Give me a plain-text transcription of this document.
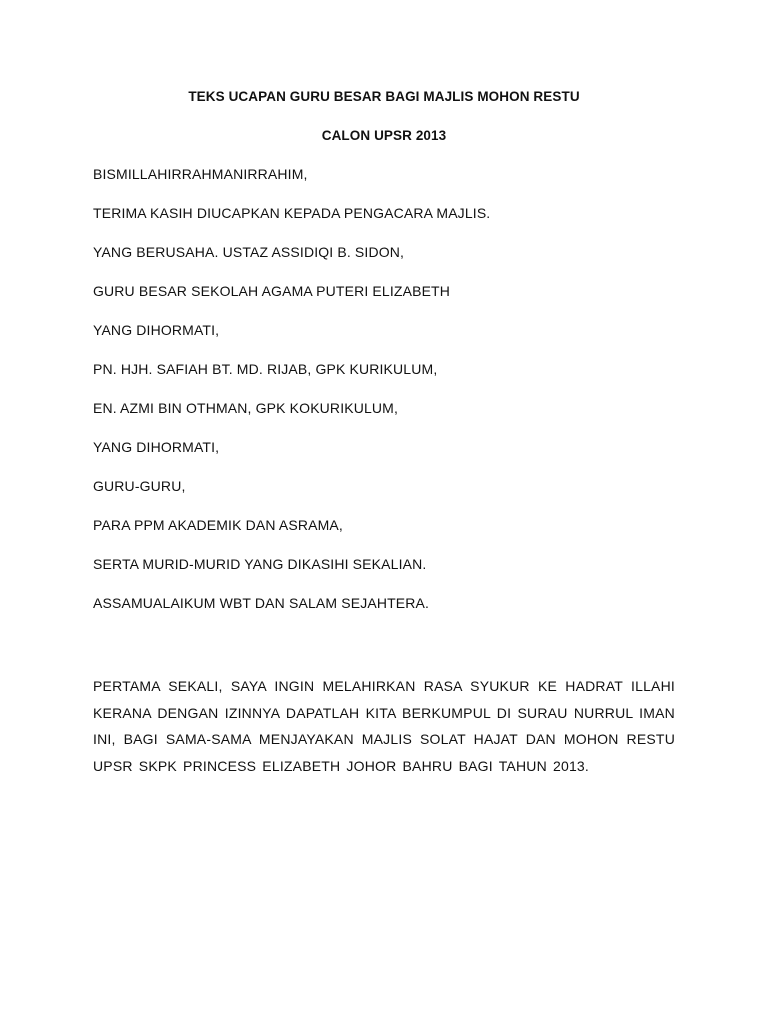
TEKS UCAPAN GURU BESAR BAGI MAJLIS MOHON RESTU
CALON UPSR 2013
BISMILLAHIRRAHMANIRRAHIM,
TERIMA KASIH DIUCAPKAN KEPADA PENGACARA MAJLIS.
YANG BERUSAHA. USTAZ ASSIDIQI B. SIDON,
GURU BESAR SEKOLAH AGAMA PUTERI ELIZABETH
YANG DIHORMATI,
PN. HJH. SAFIAH BT. MD. RIJAB, GPK KURIKULUM,
EN. AZMI BIN OTHMAN, GPK KOKURIKULUM,
YANG DIHORMATI,
GURU-GURU,
PARA PPM AKADEMIK DAN ASRAMA,
SERTA MURID-MURID YANG DIKASIHI SEKALIAN.
ASSAMUALAIKUM WBT DAN SALAM SEJAHTERA.
PERTAMA SEKALI, SAYA INGIN MELAHIRKAN RASA SYUKUR KE HADRAT ILLAHI KERANA DENGAN IZINNYA DAPATLAH KITA BERKUMPUL DI SURAU NURRUL IMAN INI, BAGI SAMA-SAMA MENJAYAKAN MAJLIS SOLAT HAJAT DAN MOHON RESTU UPSR SKPK PRINCESS ELIZABETH JOHOR BAHRU BAGI TAHUN 2013.
